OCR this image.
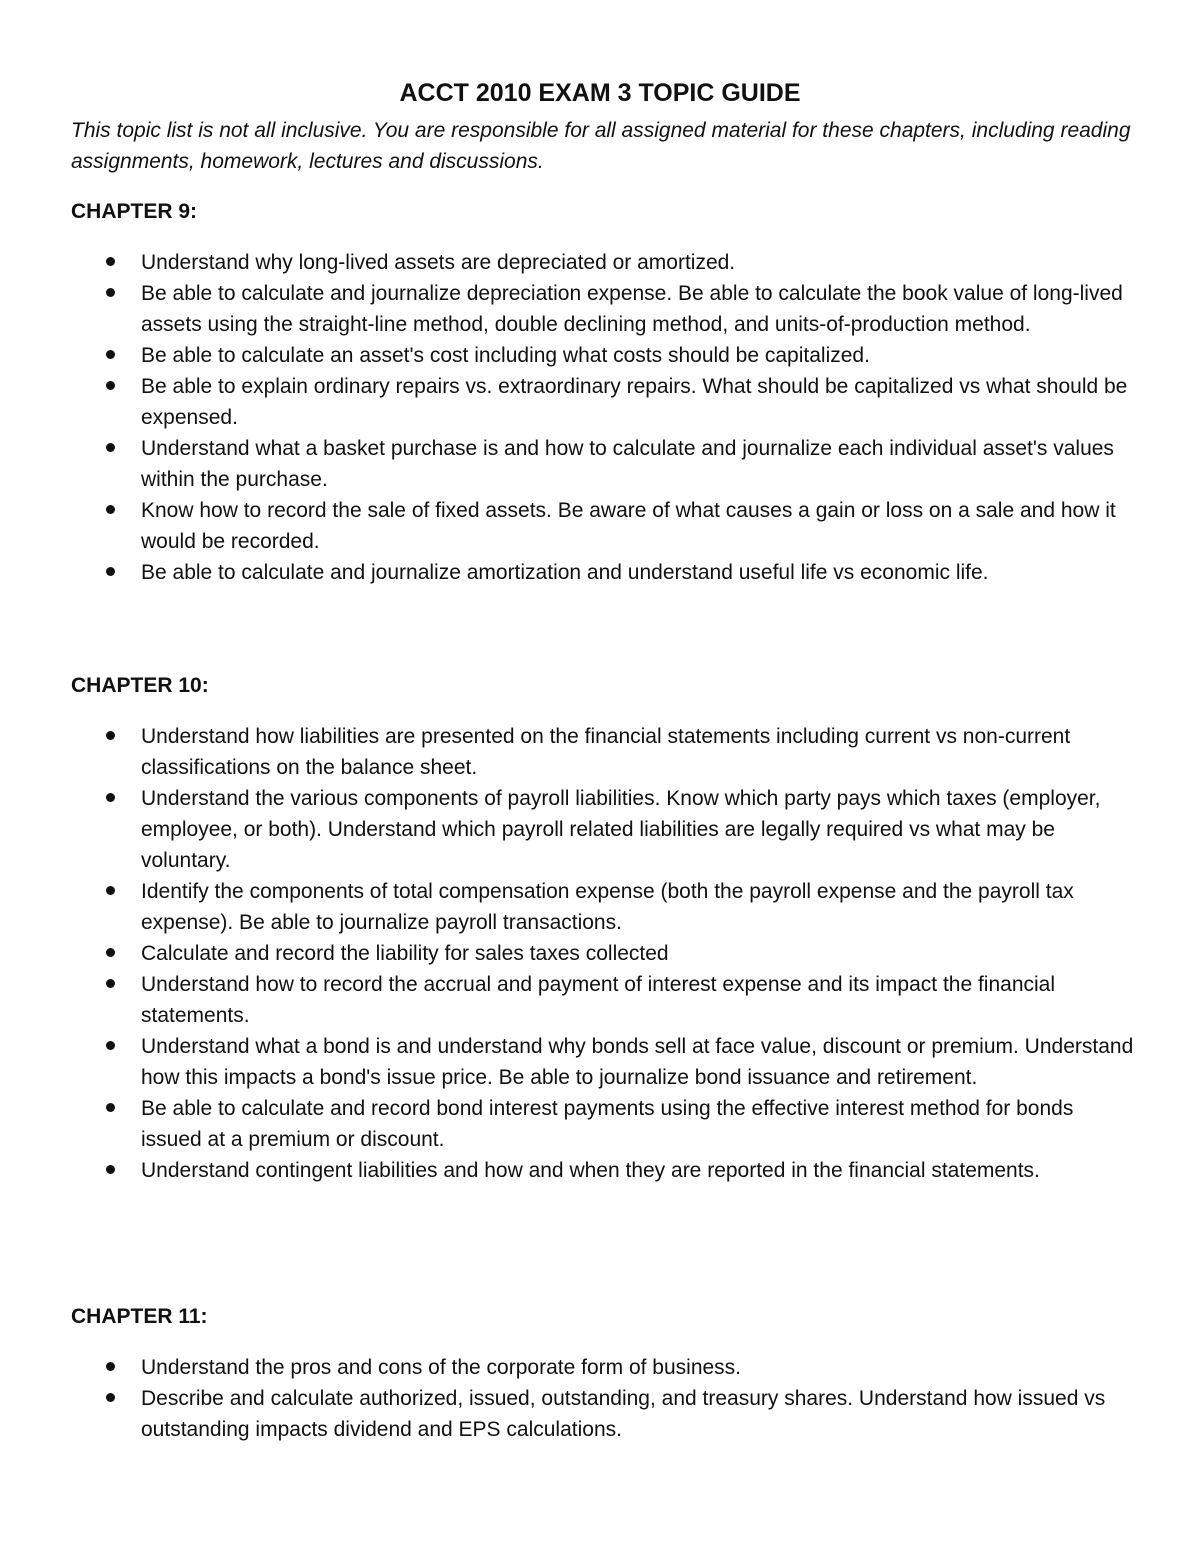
ACCT 2010 EXAM 3 TOPIC GUIDE

This topic list is not all inclusive. You are responsible for all assigned material for these chapters, including reading assignments, homework, lectures and discussions.

CHAPTER 9:
Understand why long-lived assets are depreciated or amortized.
Be able to calculate and journalize depreciation expense. Be able to calculate the book value of long-lived assets using the straight-line method, double declining method, and units-of-production method.
Be able to calculate an asset's cost including what costs should be capitalized.
Be able to explain ordinary repairs vs. extraordinary repairs. What should be capitalized vs what should be expensed.
Understand what a basket purchase is and how to calculate and journalize each individual asset's values within the purchase.
Know how to record the sale of fixed assets. Be aware of what causes a gain or loss on a sale and how it would be recorded.
Be able to calculate and journalize amortization and understand useful life vs economic life.
CHAPTER 10:
Understand how liabilities are presented on the financial statements including current vs non-current classifications on the balance sheet.
Understand the various components of payroll liabilities. Know which party pays which taxes (employer, employee, or both). Understand which payroll related liabilities are legally required vs what may be voluntary.
Identify the components of total compensation expense (both the payroll expense and the payroll tax expense). Be able to journalize payroll transactions.
Calculate and record the liability for sales taxes collected
Understand how to record the accrual and payment of interest expense and its impact the financial statements.
Understand what a bond is and understand why bonds sell at face value, discount or premium. Understand how this impacts a bond's issue price. Be able to journalize bond issuance and retirement.
Be able to calculate and record bond interest payments using the effective interest method for bonds issued at a premium or discount.
Understand contingent liabilities and how and when they are reported in the financial statements.
CHAPTER 11:
Understand the pros and cons of the corporate form of business.
Describe and calculate authorized, issued, outstanding, and treasury shares. Understand how issued vs outstanding impacts dividend and EPS calculations.
